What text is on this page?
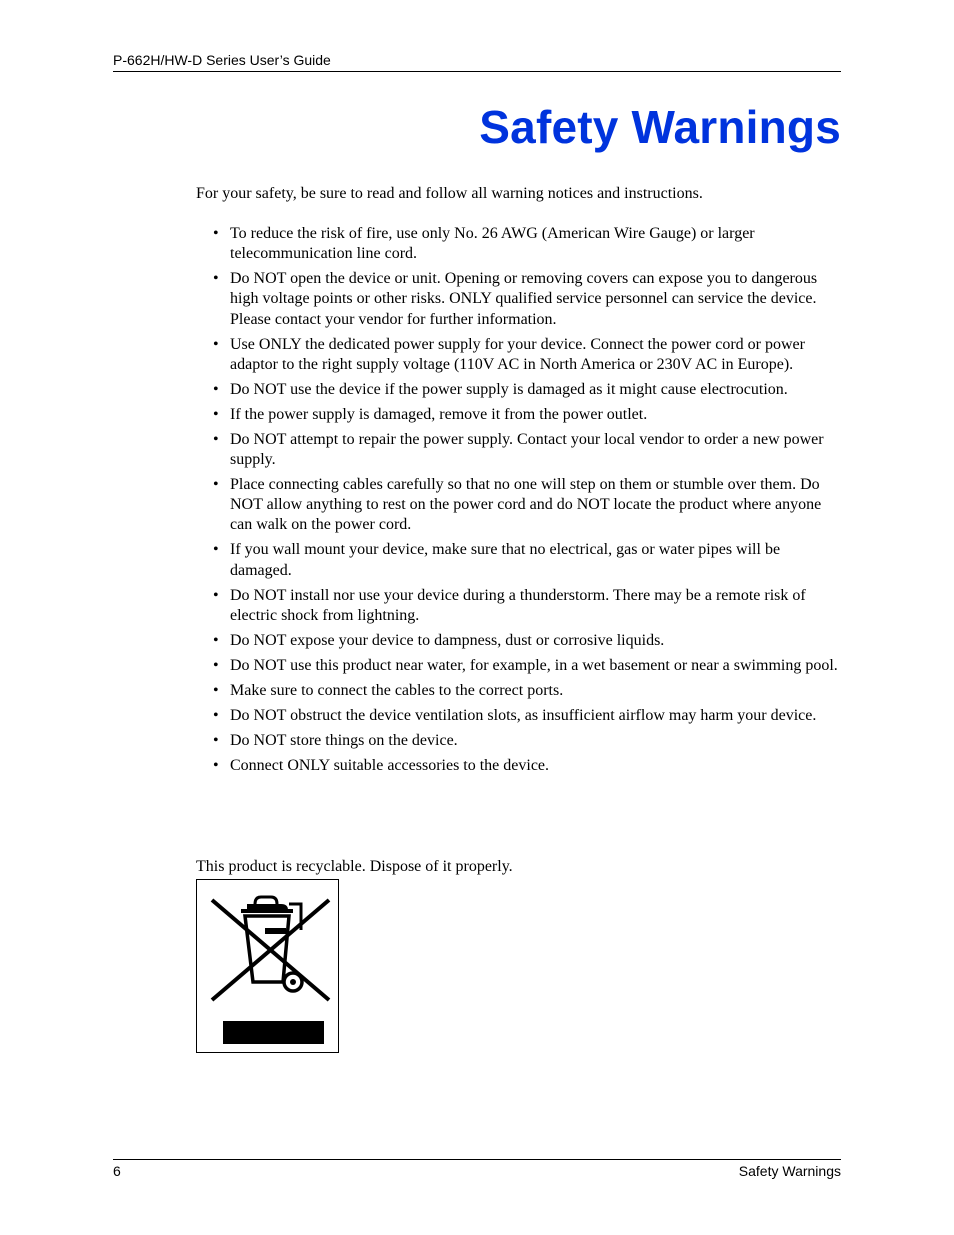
P-662H/HW-D Series User’s Guide
Safety Warnings

For your safety, be sure to read and follow all warning notices and instructions.

• To reduce the risk of fire, use only No. 26 AWG (American Wire Gauge) or larger telecommunication line cord.
• Do NOT open the device or unit. Opening or removing covers can expose you to dangerous high voltage points or other risks. ONLY qualified service personnel can service the device. Please contact your vendor for further information.
• Use ONLY the dedicated power supply for your device. Connect the power cord or power adaptor to the right supply voltage (110V AC in North America or 230V AC in Europe).
• Do NOT use the device if the power supply is damaged as it might cause electrocution.
• If the power supply is damaged, remove it from the power outlet.
• Do NOT attempt to repair the power supply. Contact your local vendor to order a new power supply.
• Place connecting cables carefully so that no one will step on them or stumble over them. Do NOT allow anything to rest on the power cord and do NOT locate the product where anyone can walk on the power cord.
• If you wall mount your device, make sure that no electrical, gas or water pipes will be damaged.
• Do NOT install nor use your device during a thunderstorm. There may be a remote risk of electric shock from lightning.
• Do NOT expose your device to dampness, dust or corrosive liquids.
• Do NOT use this product near water, for example, in a wet basement or near a swimming pool.
• Make sure to connect the cables to the correct ports.
• Do NOT obstruct the device ventilation slots, as insufficient airflow may harm your device.
• Do NOT store things on the device.
• Connect ONLY suitable accessories to the device.

This product is recyclable. Dispose of it properly.

6	Safety Warnings
